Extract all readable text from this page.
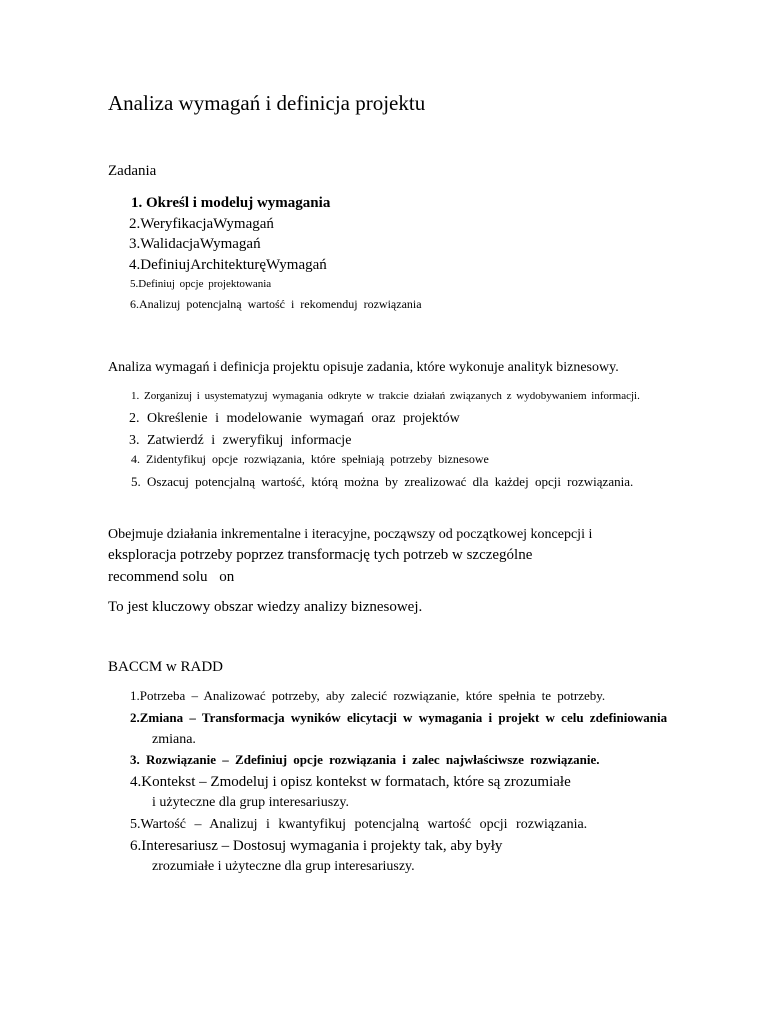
Analiza wymagań i definicja projektu
Zadania
1. Określ i modeluj wymagania
2.WeryfikacjaWymagań
3.WalidacjaWymagań
4.DefiniujArchitekturęWymagań
5.Definiuj opcje projektowania
6.Analizuj potencjalną wartość i rekomenduj rozwiązania
Analiza wymagań i definicja projektu opisuje zadania, które wykonuje analityk biznesowy.
1. Zorganizuj i usystematyzuj wymagania odkryte w trakcie działań związanych z wydobywaniem informacji.
2. Określenie i modelowanie wymagań oraz projektów
3. Zatwierdź i zweryfikuj informacje
4. Zidentyfikuj opcje rozwiązania, które spełniają potrzeby biznesowe
5. Oszacuj potencjalną wartość, którą można by zrealizować dla każdej opcji rozwiązania.
Obejmuje działania inkrementalne i iteracyjne, począwszy od początkowej koncepcji i
eksploracja potrzeby poprzez transformację tych potrzeb w szczególne
recommend solu on
To jest kluczowy obszar wiedzy analizy biznesowej.
BACCM w RADD
1.Potrzeba – Analizować potrzeby, aby zalecić rozwiązanie, które spełnia te potrzeby.
2.Zmiana – Transformacja wyników elicytacji w wymagania i projekt w celu zdefiniowania
zmiana.
3. Rozwiązanie – Zdefiniuj opcje rozwiązania i zalec najwłaściwsze rozwiązanie.
4.Kontekst – Zmodeluj i opisz kontekst w formatach, które są zrozumiałe
i użyteczne dla grup interesariuszy.
5.Wartość – Analizuj i kwantyfikuj potencjalną wartość opcji rozwiązania.
6.Interesariusz – Dostosuj wymagania i projekty tak, aby były
zrozumiałe i użyteczne dla grup interesariuszy.
